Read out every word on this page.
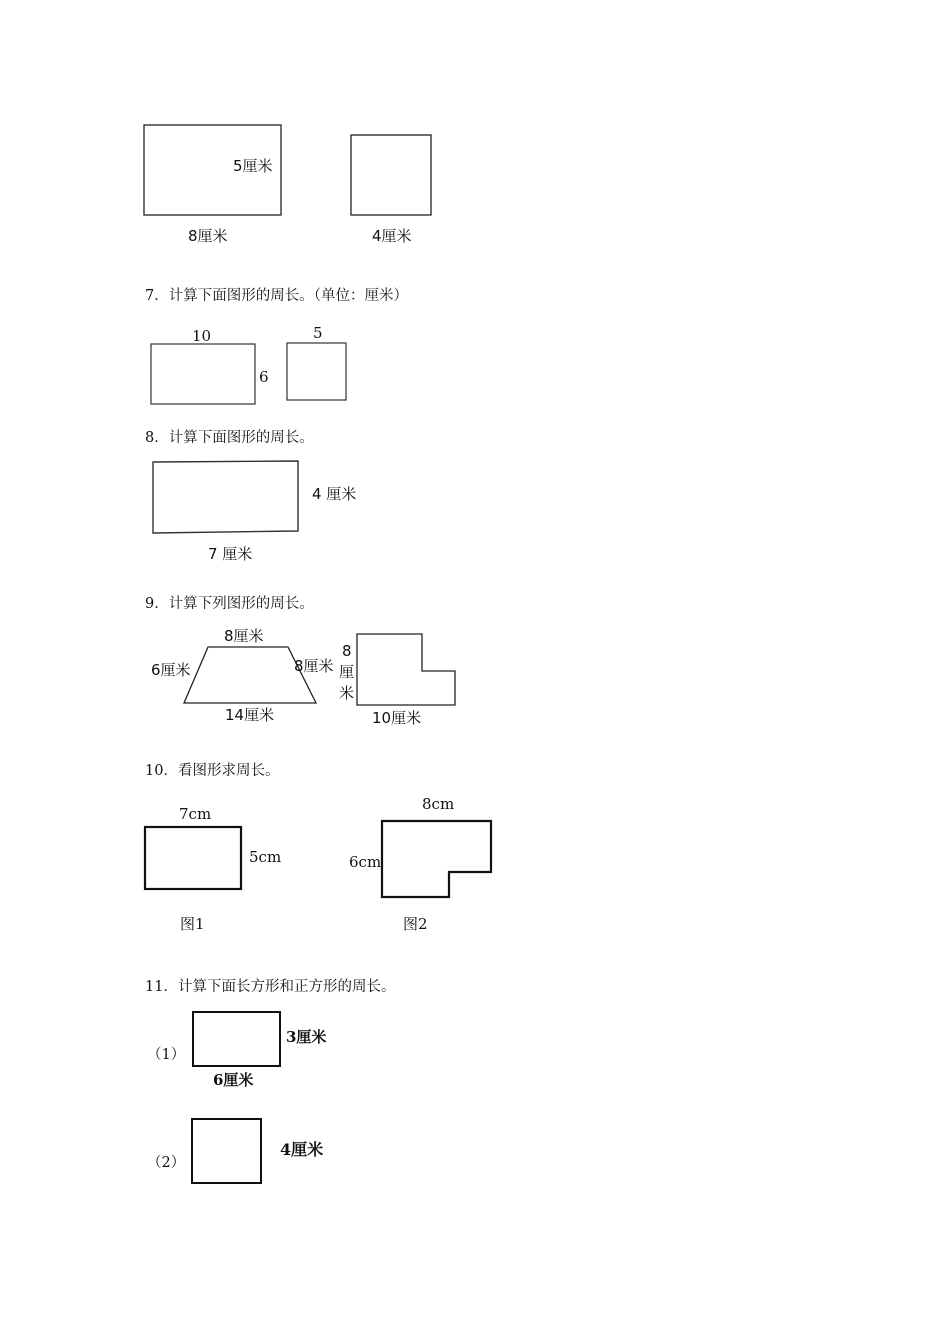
5厘米
8厘米	4厘米
10
6
5
4 厘米
7 厘米
8厘米
6厘米	8厘米
14厘米
8
厘
米
10厘米
7cm
5cm
图1
8cm
6cm
图2
（1）
3厘米
6厘米
（2）
4厘米
7．计算下面图形的周长。（单位：厘米）
8．计算下面图形的周长。
9．计算下列图形的周长。
10．看图形求周长。
11．计算下面长方形和正方形的周长。
